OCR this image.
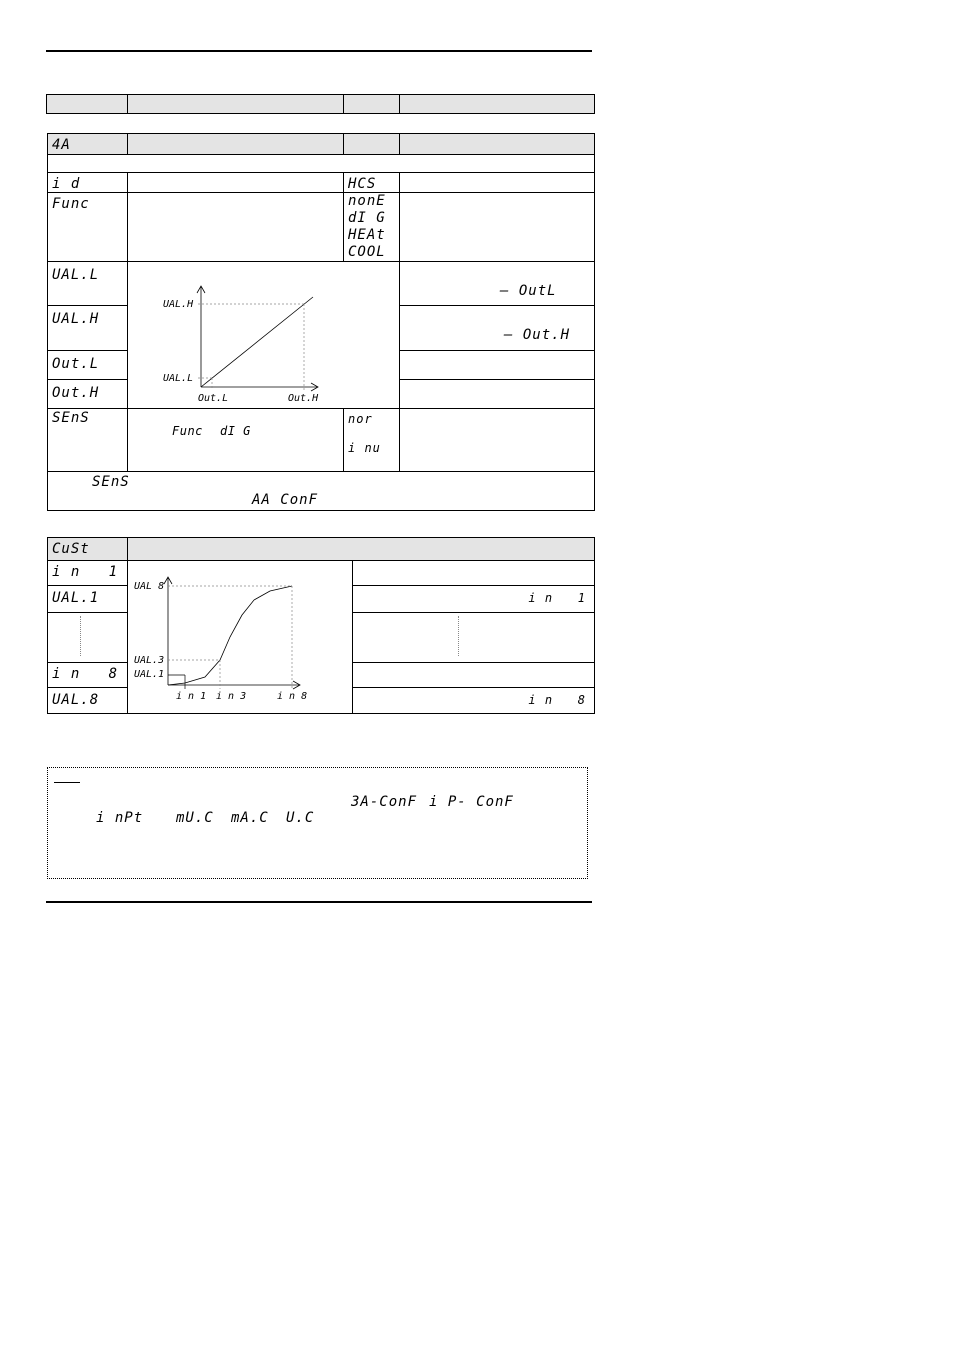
4A			

i d		HCS	
Func		nonE
dI G
HEAt
COOL	

UAL.L			– OutL

UAL.H			– Out.H

Out.L			

Out.H			

SEnS	Func dI G	nor
i nu	

SEnS
AA ConF			
UAL.H
UAL.L
Out.L	Out.H
CuSt		

i n   1		

UAL.1		i n   1

i n   8		

UAL.8		i n   8
UAL 8
UAL.3
UAL.1
i n 1 i n 3	i n 8
3A-ConF i P- ConF
i nPt mU.C mA.C U.C
